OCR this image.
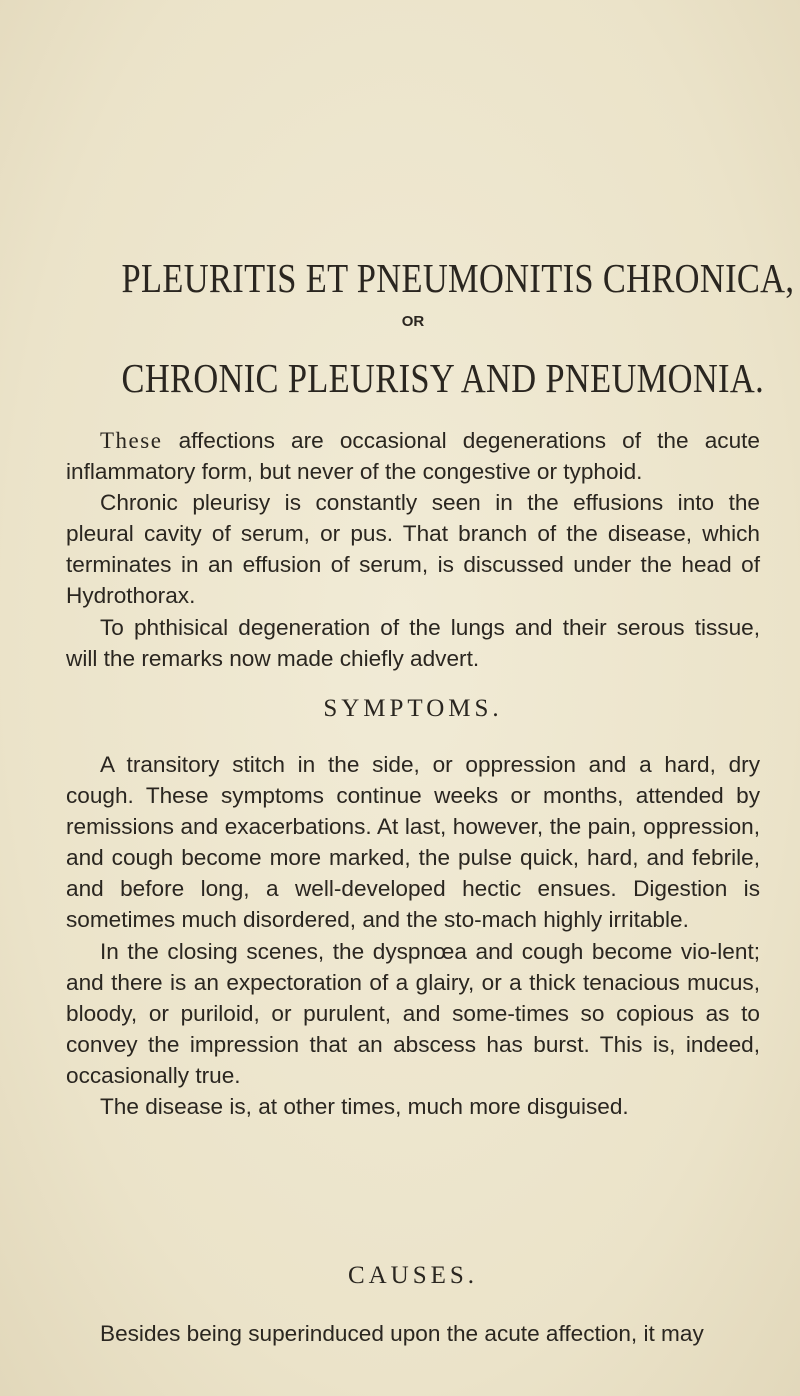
PLEURITIS ET PNEUMONITIS CHRONICA,
OR
CHRONIC PLEURISY AND PNEUMONIA.

These affections are occasional degenerations of the acute inflammatory form, but never of the congestive or typhoid.

Chronic pleurisy is constantly seen in the effusions into the pleural cavity of serum, or pus. That branch of the disease, which terminates in an effusion of serum, is discussed under the head of Hydrothorax.

To phthisical degeneration of the lungs and their serous tissue, will the remarks now made chiefly advert.

SYMPTOMS.

A transitory stitch in the side, or oppression and a hard, dry cough. These symptoms continue weeks or months, attended by remissions and exacerbations. At last, however, the pain, oppression, and cough become more marked, the pulse quick, hard, and febrile, and before long, a well-developed hectic ensues. Digestion is sometimes much disordered, and the sto-mach highly irritable.

In the closing scenes, the dyspnœa and cough become vio-lent; and there is an expectoration of a glairy, or a thick tenacious mucus, bloody, or puriloid, or purulent, and some-times so copious as to convey the impression that an abscess has burst. This is, indeed, occasionally true.

The disease is, at other times, much more disguised.

CAUSES.

Besides being superinduced upon the acute affection, it may
